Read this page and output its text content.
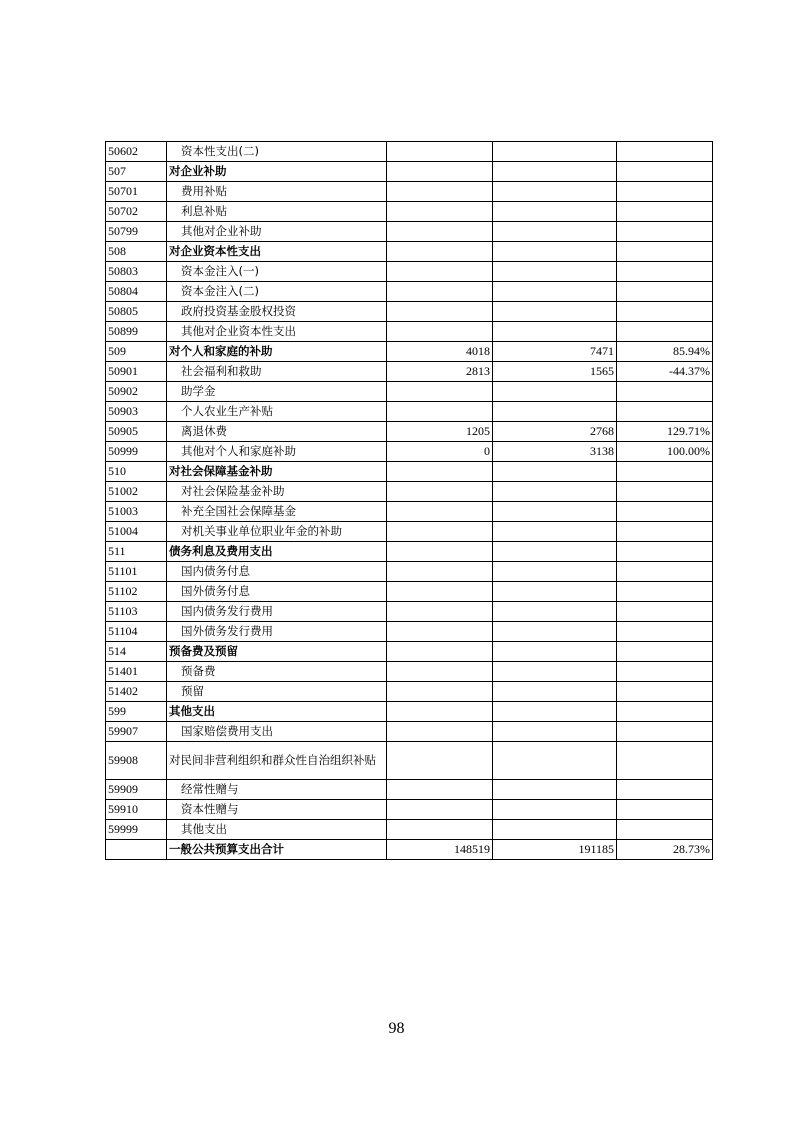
50602	资本性支出(二)			
507	对企业补助			
50701	费用补贴			
50702	利息补贴			
50799	其他对企业补助			
508	对企业资本性支出			
50803	资本金注入(一)			
50804	资本金注入(二)			
50805	政府投资基金股权投资			
50899	其他对企业资本性支出			
509	对个人和家庭的补助	4018	7471	85.94%
50901	社会福利和救助	2813	1565	-44.37%
50902	助学金			
50903	个人农业生产补贴			
50905	离退休费	1205	2768	129.71%
50999	其他对个人和家庭补助	0	3138	100.00%
510	对社会保障基金补助			
51002	对社会保险基金补助			
51003	补充全国社会保障基金			
51004	对机关事业单位职业年金的补助			
511	债务利息及费用支出			
51101	国内债务付息			
51102	国外债务付息			
51103	国内债务发行费用			
51104	国外债务发行费用			
514	预备费及预留			
51401	预备费			
51402	预留			
599	其他支出			
59907	国家赔偿费用支出			
59908	对民间非营利组织和群众性自治组织补贴			
59909	经常性赠与			
59910	资本性赠与			
59999	其他支出			
	一般公共预算支出合计	148519	191185	28.73%
98
